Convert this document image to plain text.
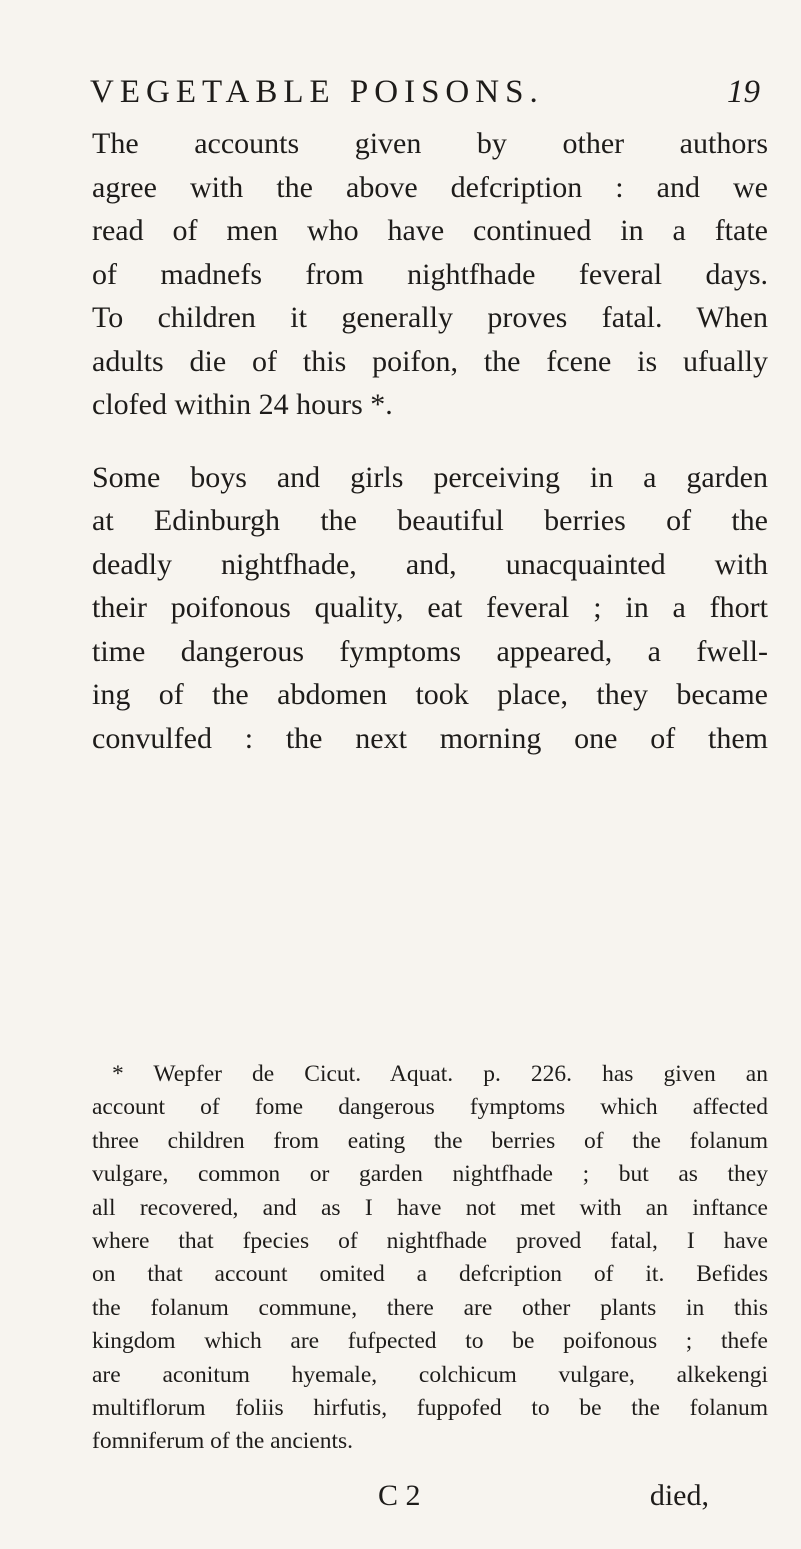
VEGETABLE POISONS.	19

The accounts given by other authors
agree with the above defcription : and we
read of men who have continued in a ftate
of madnefs from nightfhade feveral days.
To children it generally proves fatal. When
adults die of this poifon, the fcene is ufually
clofed within 24 hours *.

Some boys and girls perceiving in a garden
at Edinburgh the beautiful berries of the
deadly nightfhade, and, unacquainted with
their poifonous quality, eat feveral ; in a fhort
time dangerous fymptoms appeared, a fwell-
ing of the abdomen took place, they became
convulfed : the next morning one of them

* Wepfer de Cicut. Aquat. p. 226. has given an
account of fome dangerous fymptoms which affected
three children from eating the berries of the folanum
vulgare, common or garden nightfhade ; but as they
all recovered, and as I have not met with an inftance
where that fpecies of nightfhade proved fatal, I have
on that account omited a defcription of it. Befides
the folanum commune, there are other plants in this
kingdom which are fufpected to be poifonous ; thefe
are aconitum hyemale, colchicum vulgare, alkekengi
multiflorum foliis hirfutis, fuppofed to be the folanum
fomniferum of the ancients.
C 2	died,
